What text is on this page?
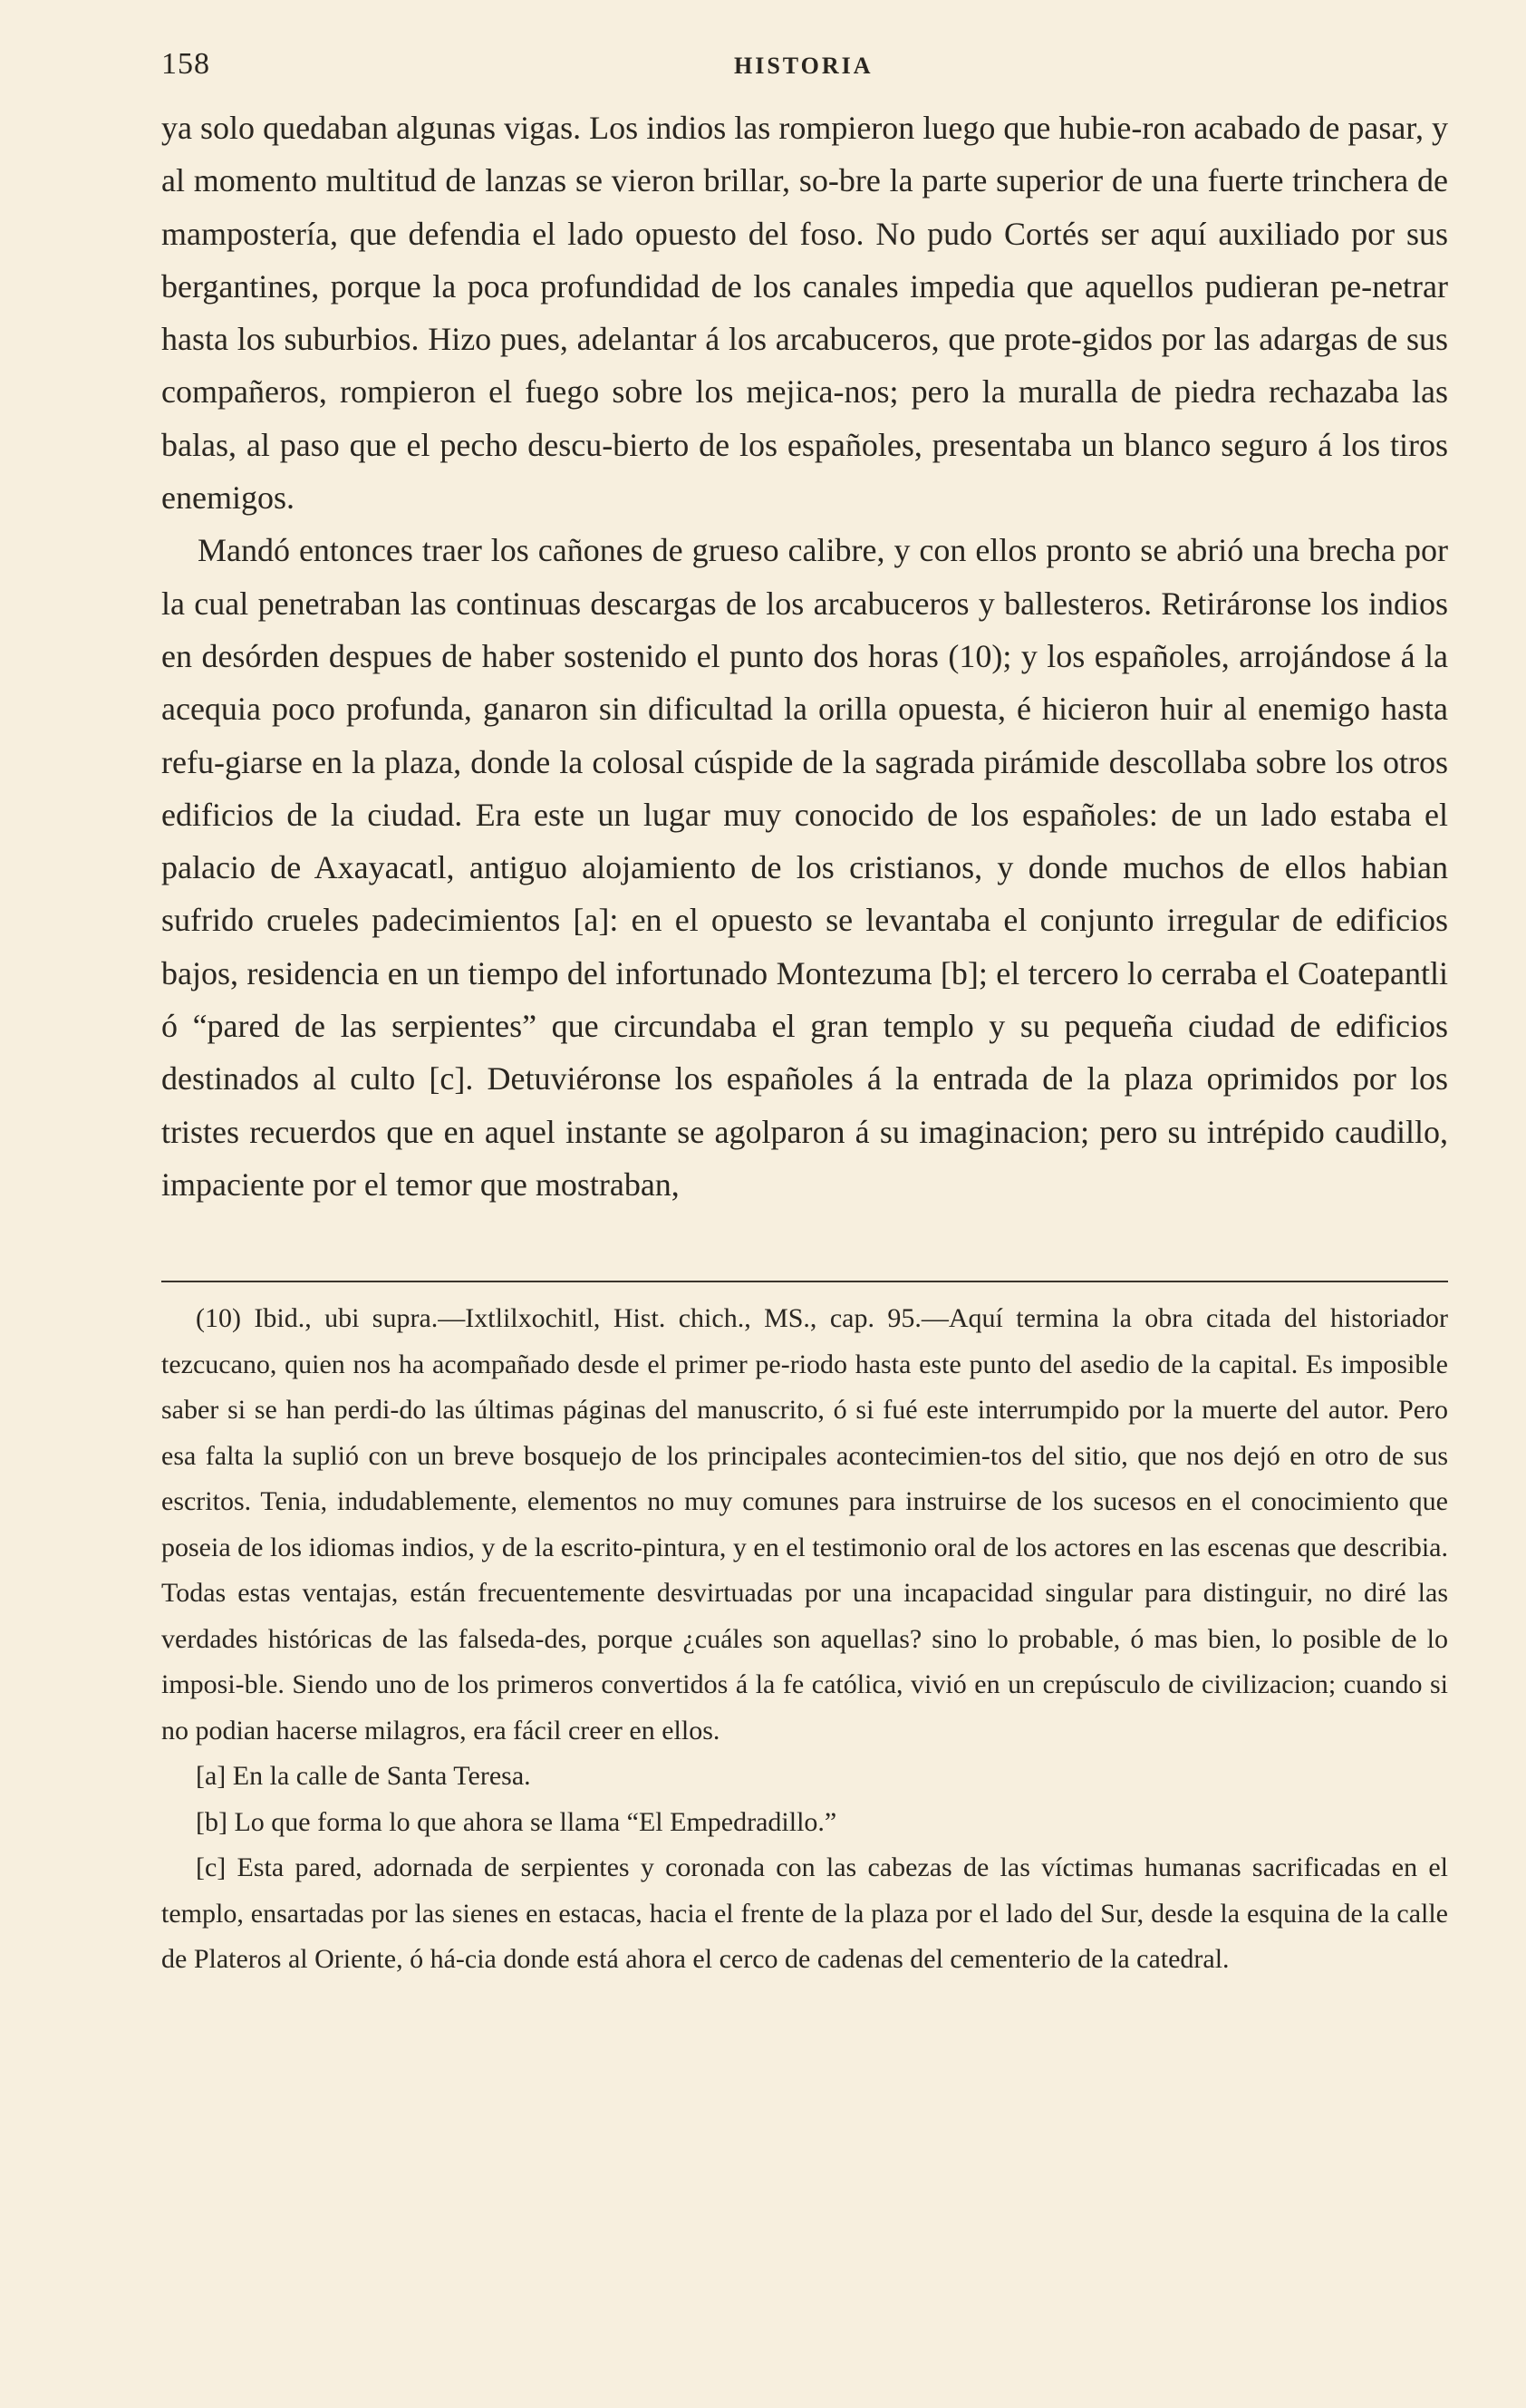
158	HISTORIA

ya solo quedaban algunas vigas. Los indios las rompieron luego que hubie-ron acabado de pasar, y al momento multitud de lanzas se vieron brillar, so-bre la parte superior de una fuerte trinchera de mampostería, que defendia el lado opuesto del foso. No pudo Cortés ser aquí auxiliado por sus bergantines, porque la poca profundidad de los canales impedia que aquellos pudieran pe-netrar hasta los suburbios. Hizo pues, adelantar á los arcabuceros, que prote-gidos por las adargas de sus compañeros, rompieron el fuego sobre los mejica-nos; pero la muralla de piedra rechazaba las balas, al paso que el pecho descu-bierto de los españoles, presentaba un blanco seguro á los tiros enemigos.

Mandó entonces traer los cañones de grueso calibre, y con ellos pronto se abrió una brecha por la cual penetraban las continuas descargas de los arcabuceros y ballesteros. Retiráronse los indios en desórden despues de haber sostenido el punto dos horas (10); y los españoles, arrojándose á la acequia poco profunda, ganaron sin dificultad la orilla opuesta, é hicieron huir al enemigo hasta refu-giarse en la plaza, donde la colosal cúspide de la sagrada pirámide descollaba sobre los otros edificios de la ciudad. Era este un lugar muy conocido de los españoles: de un lado estaba el palacio de Axayacatl, antiguo alojamiento de los cristianos, y donde muchos de ellos habian sufrido crueles padecimientos [a]: en el opuesto se levantaba el conjunto irregular de edificios bajos, residencia en un tiempo del infortunado Montezuma [b]; el tercero lo cerraba el Coatepantli ó “pared de las serpientes” que circundaba el gran templo y su pequeña ciudad de edificios destinados al culto [c]. Detuviéronse los españoles á la entrada de la plaza oprimidos por los tristes recuerdos que en aquel instante se agolparon á su imaginacion; pero su intrépido caudillo, impaciente por el temor que mostraban,

(10) Ibid., ubi supra.—Ixtlilxochitl, Hist. chich., MS., cap. 95.—Aquí termina la obra citada del historiador tezcucano, quien nos ha acompañado desde el primer pe-riodo hasta este punto del asedio de la capital. Es imposible saber si se han perdi-do las últimas páginas del manuscrito, ó si fué este interrumpido por la muerte del autor. Pero esa falta la suplió con un breve bosquejo de los principales acontecimien-tos del sitio, que nos dejó en otro de sus escritos. Tenia, indudablemente, elementos no muy comunes para instruirse de los sucesos en el conocimiento que poseia de los idiomas indios, y de la escrito-pintura, y en el testimonio oral de los actores en las escenas que describia. Todas estas ventajas, están frecuentemente desvirtuadas por una incapacidad singular para distinguir, no diré las verdades históricas de las falseda-des, porque ¿cuáles son aquellas? sino lo probable, ó mas bien, lo posible de lo imposi-ble. Siendo uno de los primeros convertidos á la fe católica, vivió en un crepúsculo de civilizacion; cuando si no podian hacerse milagros, era fácil creer en ellos.

[a] En la calle de Santa Teresa.

[b] Lo que forma lo que ahora se llama “El Empedradillo.”

[c] Esta pared, adornada de serpientes y coronada con las cabezas de las víctimas humanas sacrificadas en el templo, ensartadas por las sienes en estacas, hacia el frente de la plaza por el lado del Sur, desde la esquina de la calle de Plateros al Oriente, ó há-cia donde está ahora el cerco de cadenas del cementerio de la catedral.
